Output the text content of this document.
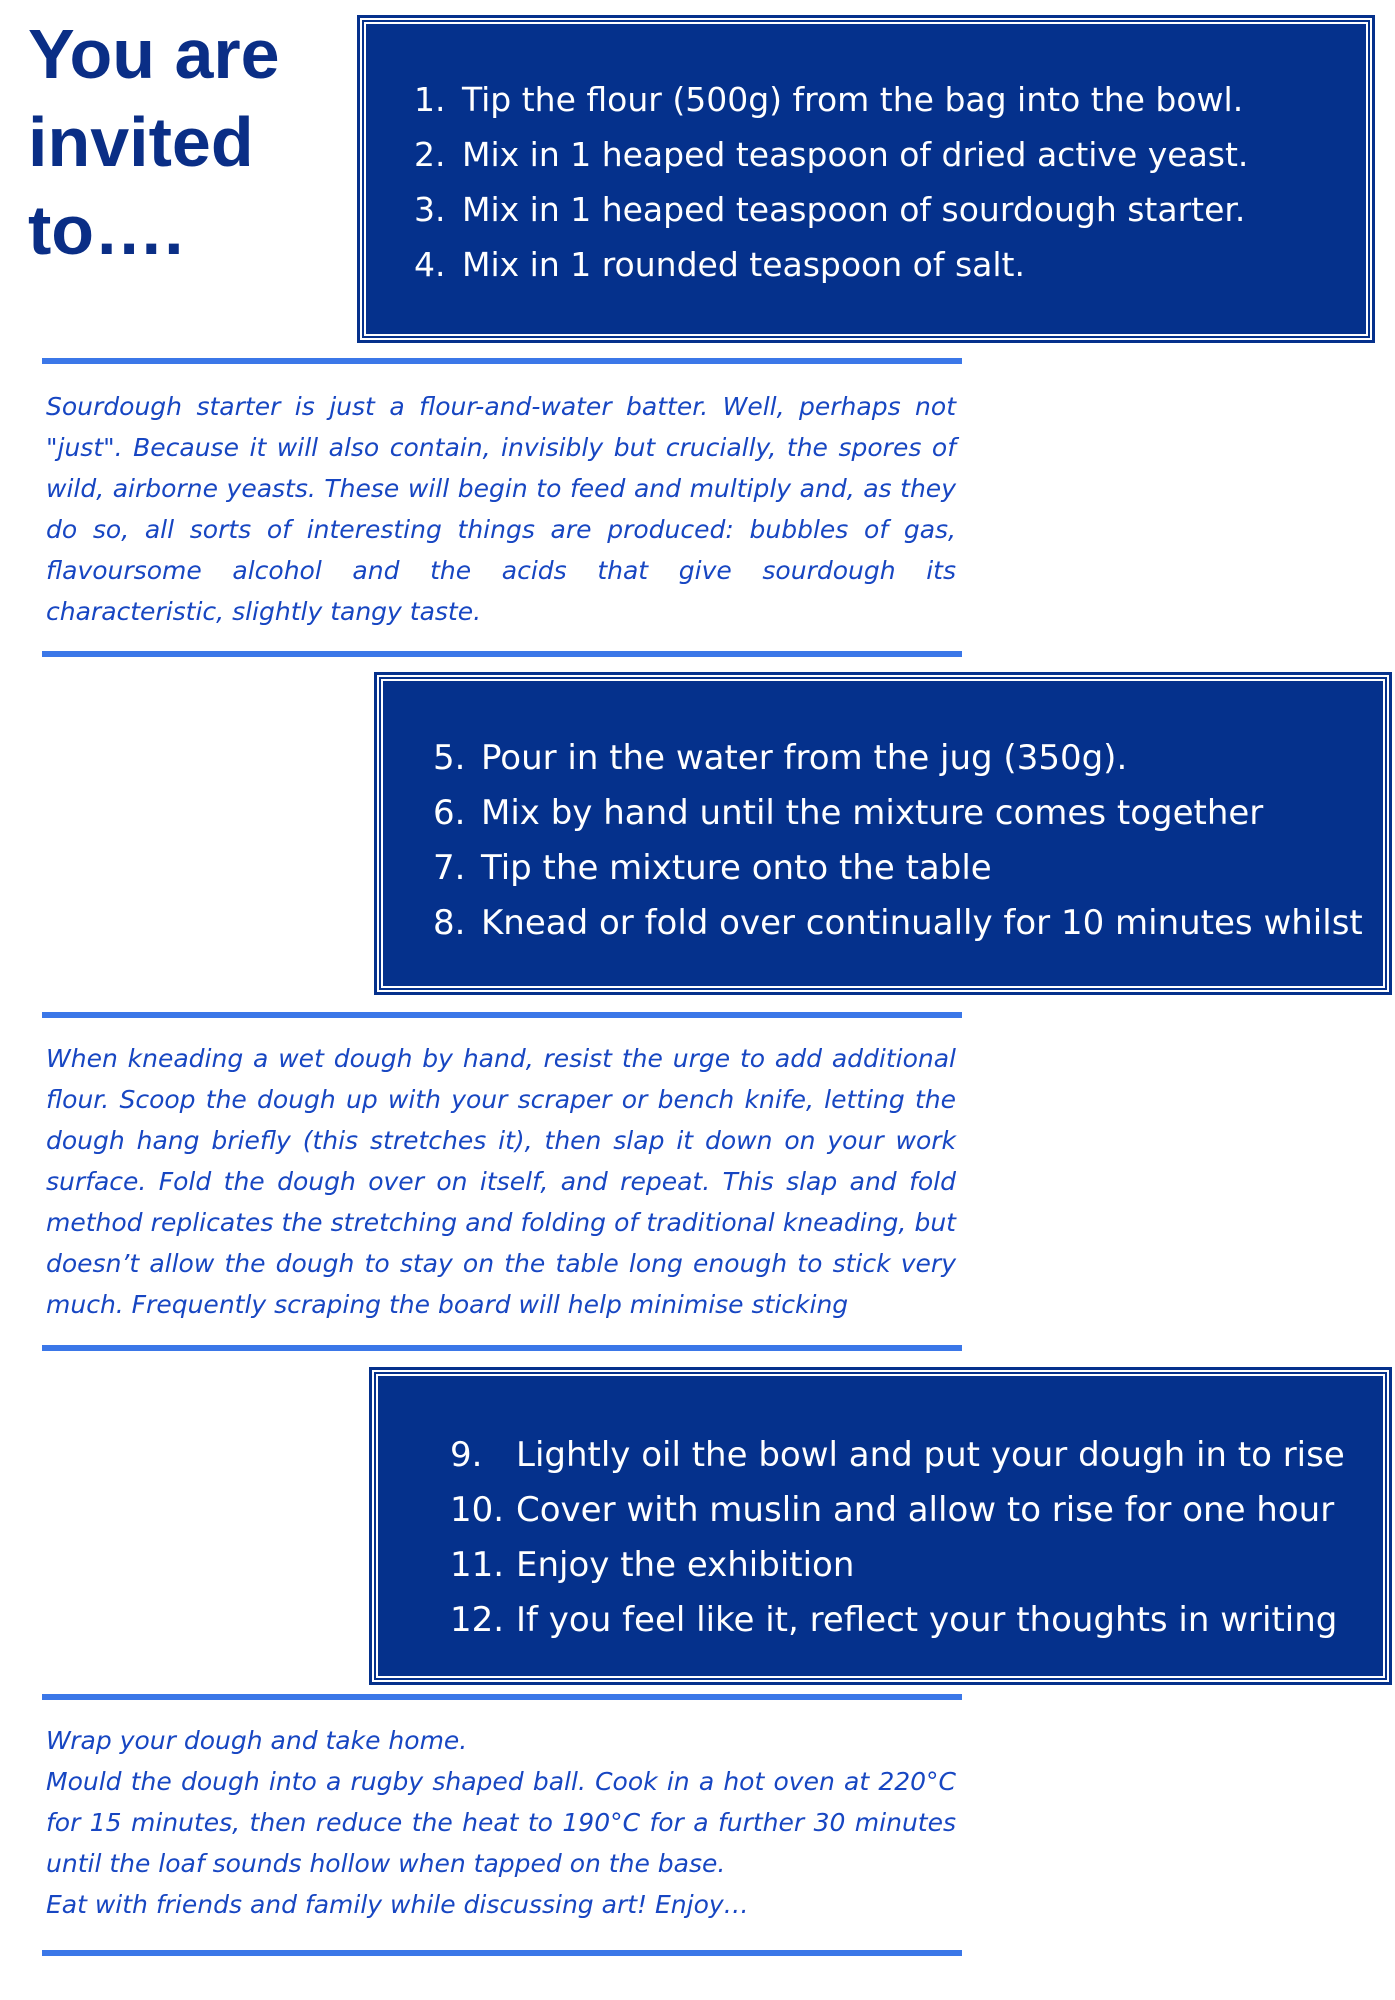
You are
invited
to….
1. Tip the flour (500g) from the bag into the bowl.
2. Mix in 1 heaped teaspoon of dried active yeast.
3. Mix in 1 heaped teaspoon of sourdough starter.
4. Mix in 1 rounded teaspoon of salt.

Sourdough starter is just a flour-and-water batter. Well, perhaps not "just". Because it will also contain, invisibly but crucially, the spores of wild, airborne yeasts. These will begin to feed and multiply and, as they do so, all sorts of interesting things are produced: bubbles of gas, flavoursome alcohol and the acids that give sourdough its characteristic, slightly tangy taste.

5. Pour in the water from the jug (350g).
6. Mix by hand until the mixture comes together
7. Tip the mixture onto the table
8. Knead or fold over continually for 10 minutes whilst

When kneading a wet dough by hand, resist the urge to add additional flour. Scoop the dough up with your scraper or bench knife, letting the dough hang briefly (this stretches it), then slap it down on your work surface. Fold the dough over on itself, and repeat. This slap and fold method replicates the stretching and folding of traditional kneading, but doesn’t allow the dough to stay on the table long enough to stick very much. Frequently scraping the board will help minimise sticking

9. Lightly oil the bowl and put your dough in to rise
10. Cover with muslin and allow to rise for one hour
11. Enjoy the exhibition
12. If you feel like it, reflect your thoughts in writing

Wrap your dough and take home.

Mould the dough into a rugby shaped ball. Cook in a hot oven at 220°C for 15 minutes, then reduce the heat to 190°C for a further 30 minutes until the loaf sounds hollow when tapped on the base.

Eat with friends and family while discussing art! Enjoy…
